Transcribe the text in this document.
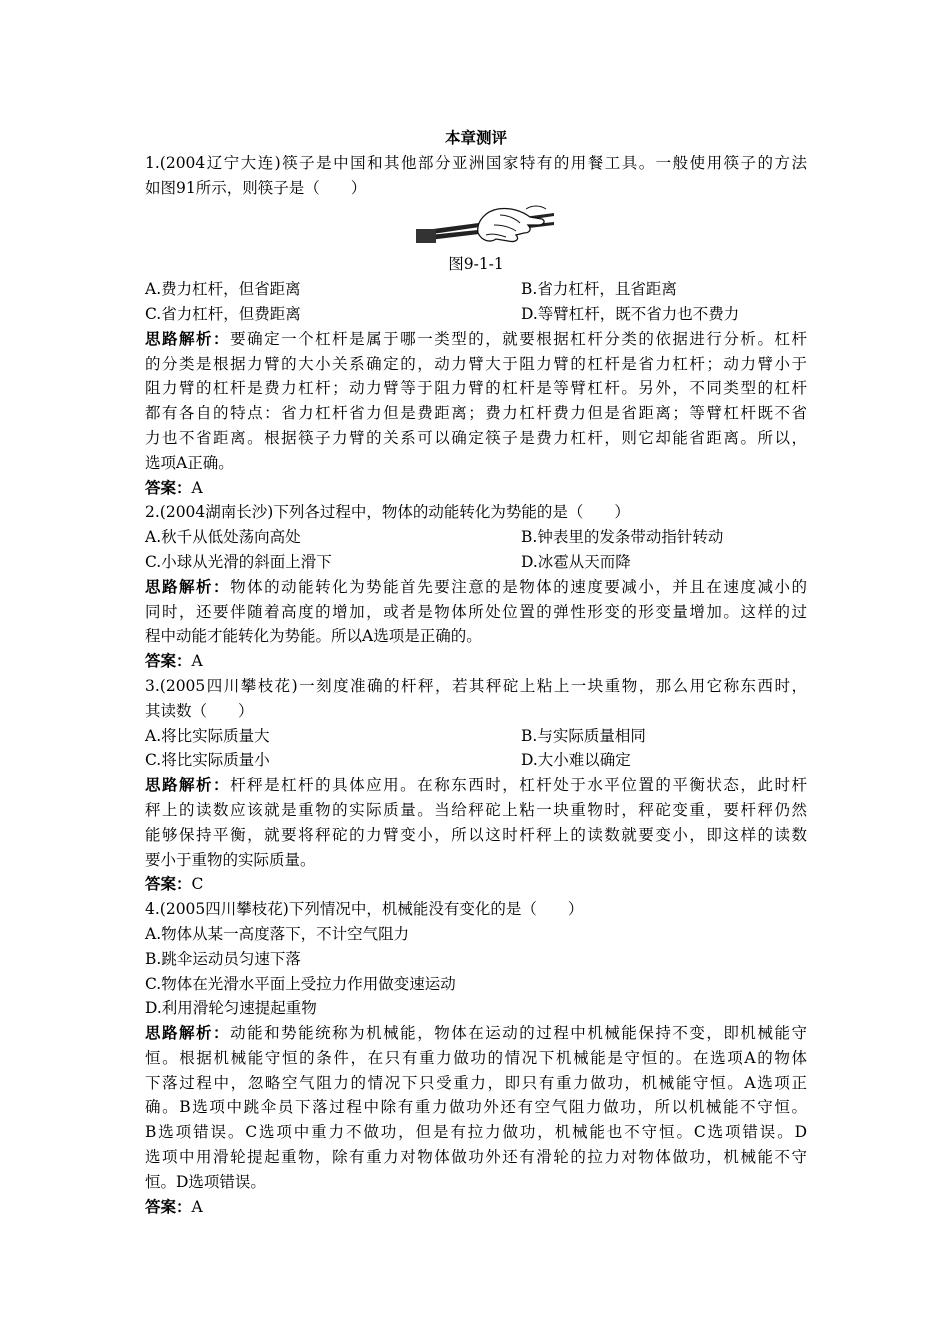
本章测评
1.(2004辽宁大连)筷子是中国和其他部分亚洲国家特有的用餐工具。一般使用筷子的方法
如图91所示，则筷子是（　　）
图9-1-1
A.费力杠杆，但省距离	B.省力杠杆，且省距离
C.省力杠杆，但费距离	D.等臂杠杆，既不省力也不费力
思路解析：要确定一个杠杆是属于哪一类型的，就要根据杠杆分类的依据进行分析。杠杆
的分类是根据力臂的大小关系确定的，动力臂大于阻力臂的杠杆是省力杠杆；动力臂小于
阻力臂的杠杆是费力杠杆；动力臂等于阻力臂的杠杆是等臂杠杆。另外，不同类型的杠杆
都有各自的特点：省力杠杆省力但是费距离；费力杠杆费力但是省距离；等臂杠杆既不省
力也不省距离。根据筷子力臂的关系可以确定筷子是费力杠杆，则它却能省距离。所以，
选项A正确。
答案：A
2.(2004湖南长沙)下列各过程中，物体的动能转化为势能的是（　　）
A.秋千从低处荡向高处	B.钟表里的发条带动指针转动
C.小球从光滑的斜面上滑下	D.冰雹从天而降
思路解析：物体的动能转化为势能首先要注意的是物体的速度要减小，并且在速度减小的
同时，还要伴随着高度的增加，或者是物体所处位置的弹性形变的形变量增加。这样的过
程中动能才能转化为势能。所以A选项是正确的。
答案：A
3.(2005四川攀枝花)一刻度准确的杆秤，若其秤砣上粘上一块重物，那么用它称东西时，
其读数（　　）
A.将比实际质量大	B.与实际质量相同
C.将比实际质量小	D.大小难以确定
思路解析：杆秤是杠杆的具体应用。在称东西时，杠杆处于水平位置的平衡状态，此时杆
秤上的读数应该就是重物的实际质量。当给秤砣上粘一块重物时，秤砣变重，要杆秤仍然
能够保持平衡，就要将秤砣的力臂变小，所以这时杆秤上的读数就要变小，即这样的读数
要小于重物的实际质量。
答案：C
4.(2005四川攀枝花)下列情况中，机械能没有变化的是（　　）
A.物体从某一高度落下，不计空气阻力
B.跳伞运动员匀速下落
C.物体在光滑水平面上受拉力作用做变速运动
D.利用滑轮匀速提起重物
思路解析：动能和势能统称为机械能，物体在运动的过程中机械能保持不变，即机械能守
恒。根据机械能守恒的条件，在只有重力做功的情况下机械能是守恒的。在选项A的物体
下落过程中，忽略空气阻力的情况下只受重力，即只有重力做功，机械能守恒。A选项正
确。B选项中跳伞员下落过程中除有重力做功外还有空气阻力做功，所以机械能不守恒。
B选项错误。C选项中重力不做功，但是有拉力做功，机械能也不守恒。C选项错误。D
选项中用滑轮提起重物，除有重力对物体做功外还有滑轮的拉力对物体做功，机械能不守
恒。D选项错误。
答案：A
